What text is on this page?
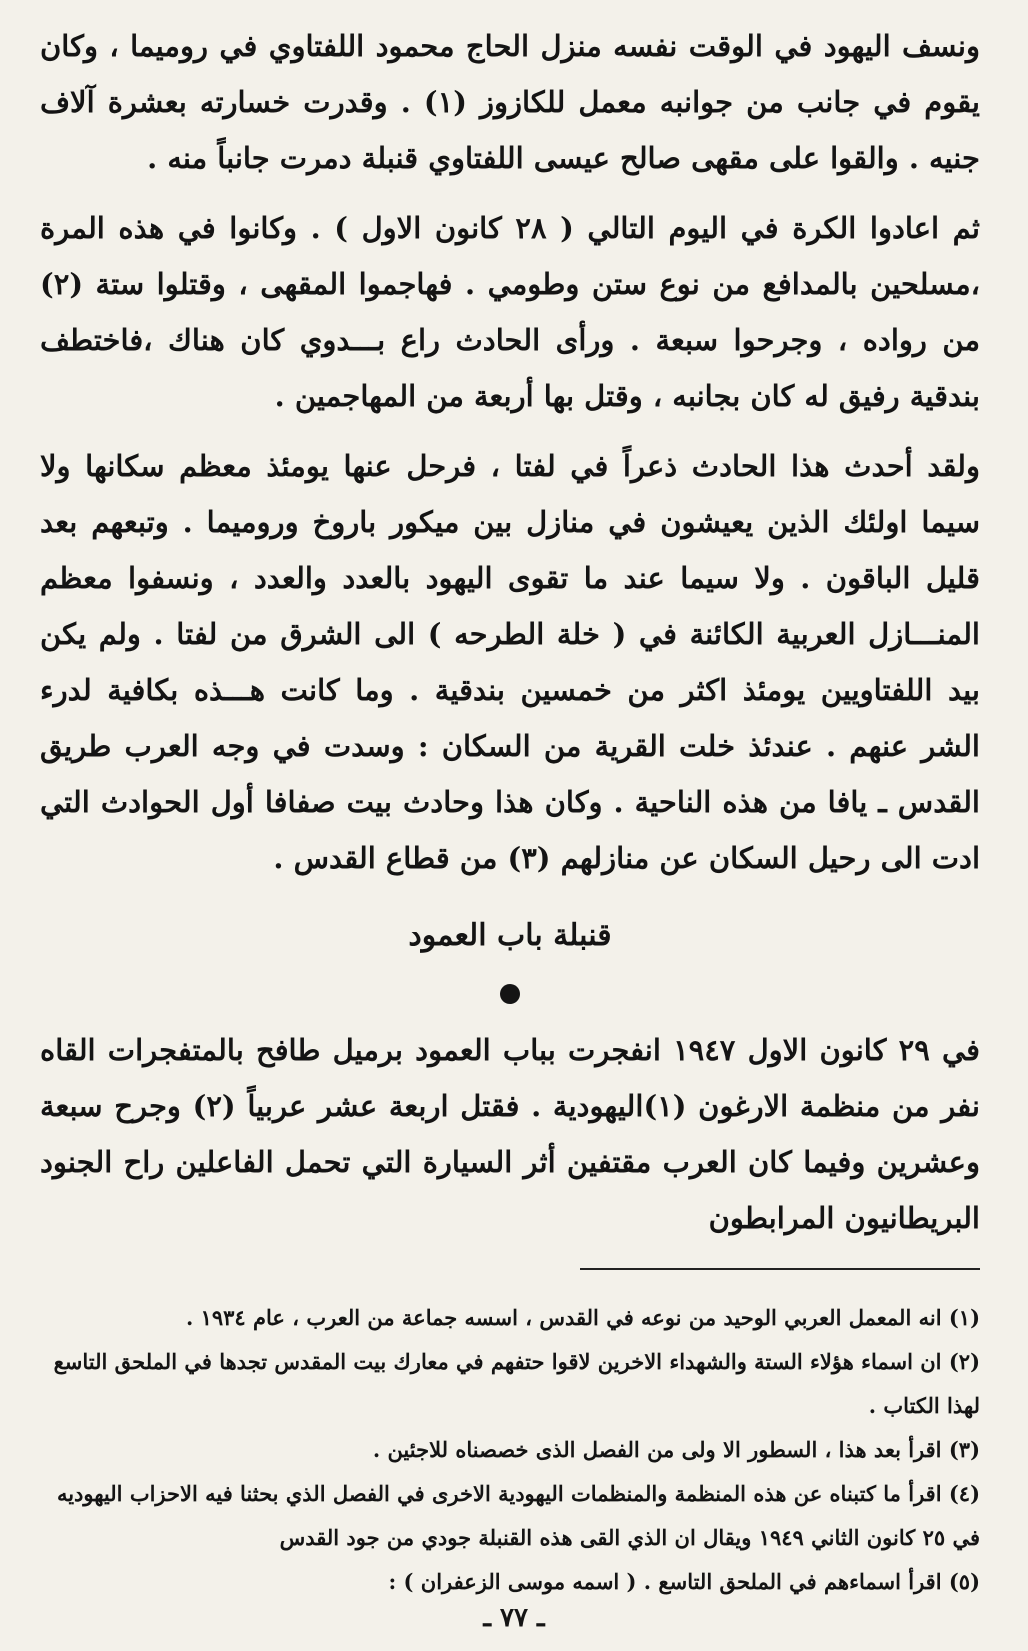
ونسف اليهود في الوقت نفسه منزل الحاج محمود اللفتاوي في روميما ، وكان يقوم في جانب من جوانبه معمل للكازوز (١) . وقدرت خسارته بعشرة آلاف جنيه . والقوا على مقهى صالح عيسى اللفتاوي قنبلة دمرت جانباً منه .

ثم اعادوا الكرة في اليوم التالي ( ٢٨ كانون الاول ) . وكانوا في هذه المرة ،مسلحين بالمدافع من نوع ستن وطومي . فهاجموا المقهى ، وقتلوا ستة (٢) من رواده ، وجرحوا سبعة . ورأى الحادث راع بـــدوي كان هناك ،فاختطف بندقية رفيق له كان بجانبه ، وقتل بها أربعة من المهاجمين .

ولقد أحدث هذا الحادث ذعراً في لفتا ، فرحل عنها يومئذ معظم سكانها ولا سيما اولئك الذين يعيشون في منازل بين ميكور باروخ وروميما . وتبعهم بعد قليل الباقون . ولا سيما عند ما تقوى اليهود بالعدد والعدد ، ونسفوا معظم المنـــازل العربية الكائنة في ( خلة الطرحه ) الى الشرق من لفتا . ولم يكن بيد اللفتاويين يومئذ اكثر من خمسين بندقية . وما كانت هـــذه بكافية لدرء الشر عنهم . عندئذ خلت القرية من السكان : وسدت في وجه العرب طريق القدس ـ يافا من هذه الناحية . وكان هذا وحادث بيت صفافا أول الحوادث التي ادت الى رحيل السكان عن منازلهم (٣) من قطاع القدس .

قنبلة باب العمود

في ٢٩ كانون الاول ١٩٤٧ انفجرت بباب العمود برميل طافح بالمتفجرات القاه نفر من منظمة الارغون (١)اليهودية . فقتل اربعة عشر عربياً (٢) وجرح سبعة وعشرين وفيما كان العرب مقتفين أثر السيارة التي تحمل الفاعلين راح الجنود البريطانيون المرابطون

(١) انه المعمل العربي الوحيد من نوعه في القدس ، اسسه جماعة من العرب ، عام ١٩٣٤ .

(٢) ان اسماء هؤلاء الستة والشهداء الاخرين لاقوا حتفهم في معارك بيت المقدس تجدها في الملحق التاسع لهذا الكتاب .

(٣) اقرأ بعد هذا ، السطور الا ولى من الفصل الذى خصصناه للاجئين .

(٤) اقرأ ما كتبناه عن هذه المنظمة والمنظمات اليهودية الاخرى في الفصل الذي بحثنا فيه الاحزاب اليهوديه في ٢٥ كانون الثاني ١٩٤٩ ويقال ان الذي القى هذه القنبلة جودي من جود القدس

(٥) اقرأ اسماءهم في الملحق التاسع . ( اسمه موسى الزعفران ) :

ـ ٧٧ ـ
